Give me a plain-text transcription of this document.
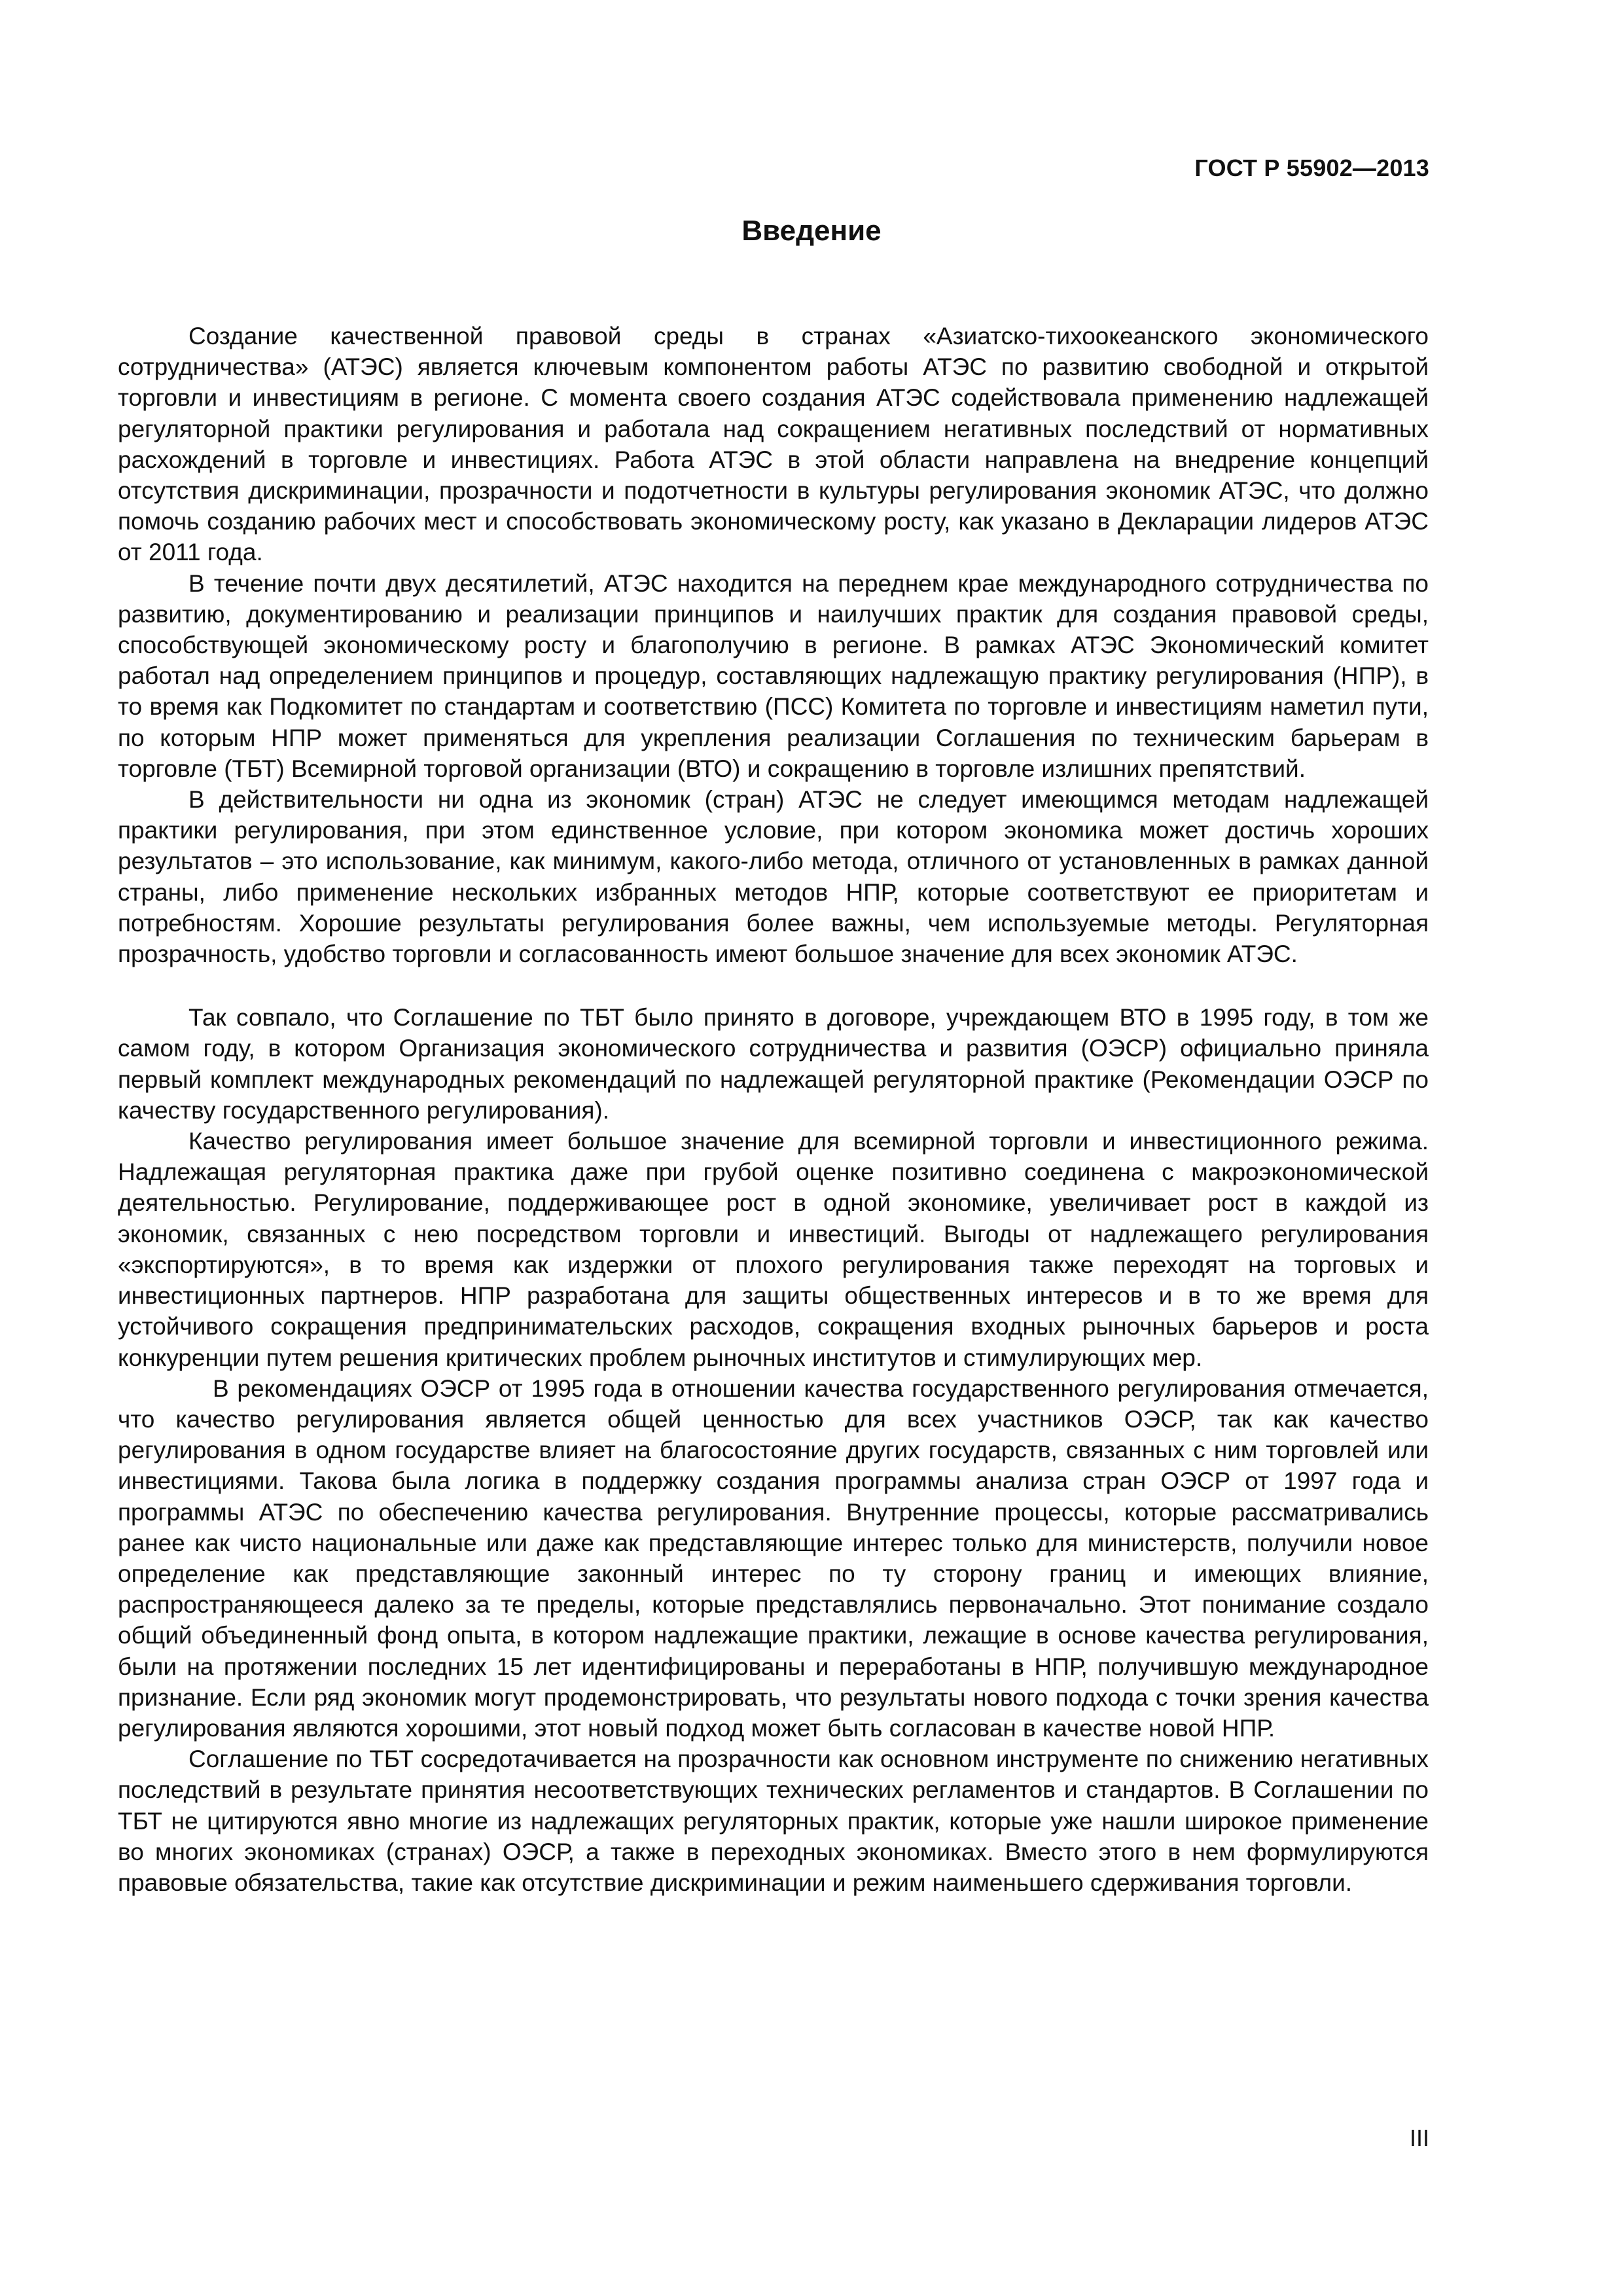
ГОСТ Р 55902—2013

Введение

Создание качественной правовой среды в странах «Азиатско-тихоокеанского экономического сотрудничества» (АТЭС) является ключевым компонентом работы АТЭС по развитию свободной и открытой торговли и инвестициям в регионе. С момента своего создания АТЭС содействовала применению надлежащей регуляторной практики регулирования и работала над сокращением негативных последствий от нормативных расхождений в торговле и инвестициях. Работа АТЭС в этой области направлена на внедрение концепций отсутствия дискриминации, прозрачности и подотчетности в культуры регулирования экономик АТЭС, что должно помочь созданию рабочих мест и способствовать экономическому росту, как указано в Декларации лидеров АТЭС от 2011 года.

В течение почти двух десятилетий, АТЭС находится на переднем крае международного сотрудничества по развитию, документированию и реализации принципов и наилучших практик для создания правовой среды, способствующей экономическому росту и благополучию в регионе. В рамках АТЭС Экономический комитет работал над определением принципов и процедур, составляющих надлежащую практику регулирования (НПР), в то время как Подкомитет по стандартам и соответствию (ПСС) Комитета по торговле и инвестициям наметил пути, по которым НПР может применяться для укрепления реализации Соглашения по техническим барьерам в торговле (ТБТ) Всемирной торговой организации (ВТО) и сокращению в торговле излишних препятствий.

В действительности ни одна из экономик (стран) АТЭС не следует имеющимся методам надлежащей практики регулирования, при этом единственное условие, при котором экономика может достичь хороших результатов – это использование, как минимум, какого-либо метода, отличного от установленных в рамках данной страны, либо применение нескольких избранных методов НПР, которые соответствуют ее приоритетам и потребностям. Хорошие результаты регулирования более важны, чем используемые методы. Регуляторная прозрачность, удобство торговли и согласованность имеют большое значение для всех экономик АТЭС.

Так совпало, что Соглашение по ТБТ было принято в договоре, учреждающем ВТО в 1995 году, в том же самом году, в котором Организация экономического сотрудничества и развития (ОЭСР) официально приняла первый комплект международных рекомендаций по надлежащей регуляторной практике (Рекомендации ОЭСР по качеству государственного регулирования).

Качество регулирования имеет большое значение для всемирной торговли и инвестиционного режима. Надлежащая регуляторная практика даже при грубой оценке позитивно соединена с макроэкономической деятельностью. Регулирование, поддерживающее рост в одной экономике, увеличивает рост в каждой из экономик, связанных с нею посредством торговли и инвестиций. Выгоды от надлежащего регулирования «экспортируются», в то время как издержки от плохого регулирования также переходят на торговых и инвестиционных партнеров. НПР разработана для защиты общественных интересов и в то же время для устойчивого сокращения предпринимательских расходов, сокращения входных рыночных барьеров и роста конкуренции путем решения критических проблем рыночных институтов и стимулирующих мер.

В рекомендациях ОЭСР от 1995 года в отношении качества государственного регулирования отмечается, что качество регулирования является общей ценностью для всех участников ОЭСР, так как качество регулирования в одном государстве влияет на благосостояние других государств, связанных с ним торговлей или инвестициями. Такова была логика в поддержку создания программы анализа стран ОЭСР от 1997 года и программы АТЭС по обеспечению качества регулирования. Внутренние процессы, которые рассматривались ранее как чисто национальные или даже как представляющие интерес только для министерств, получили новое определение как представляющие законный интерес по ту сторону границ и имеющих влияние, распространяющееся далеко за те пределы, которые представлялись первоначально. Этот понимание создало общий объединенный фонд опыта, в котором надлежащие практики, лежащие в основе качества регулирования, были на протяжении последних 15 лет идентифицированы и переработаны в НПР, получившую международное признание. Если ряд экономик могут продемонстрировать, что результаты нового подхода с точки зрения качества регулирования являются хорошими, этот новый подход может быть согласован в качестве новой НПР.

Соглашение по ТБТ сосредотачивается на прозрачности как основном инструменте по снижению негативных последствий в результате принятия несоответствующих технических регламентов и стандартов. В Соглашении по ТБТ не цитируются явно многие из надлежащих регуляторных практик, которые уже нашли широкое применение во многих экономиках (странах) ОЭСР, а также в переходных экономиках. Вместо этого в нем формулируются правовые обязательства, такие как отсутствие дискриминации и режим наименьшего сдерживания торговли.

III
